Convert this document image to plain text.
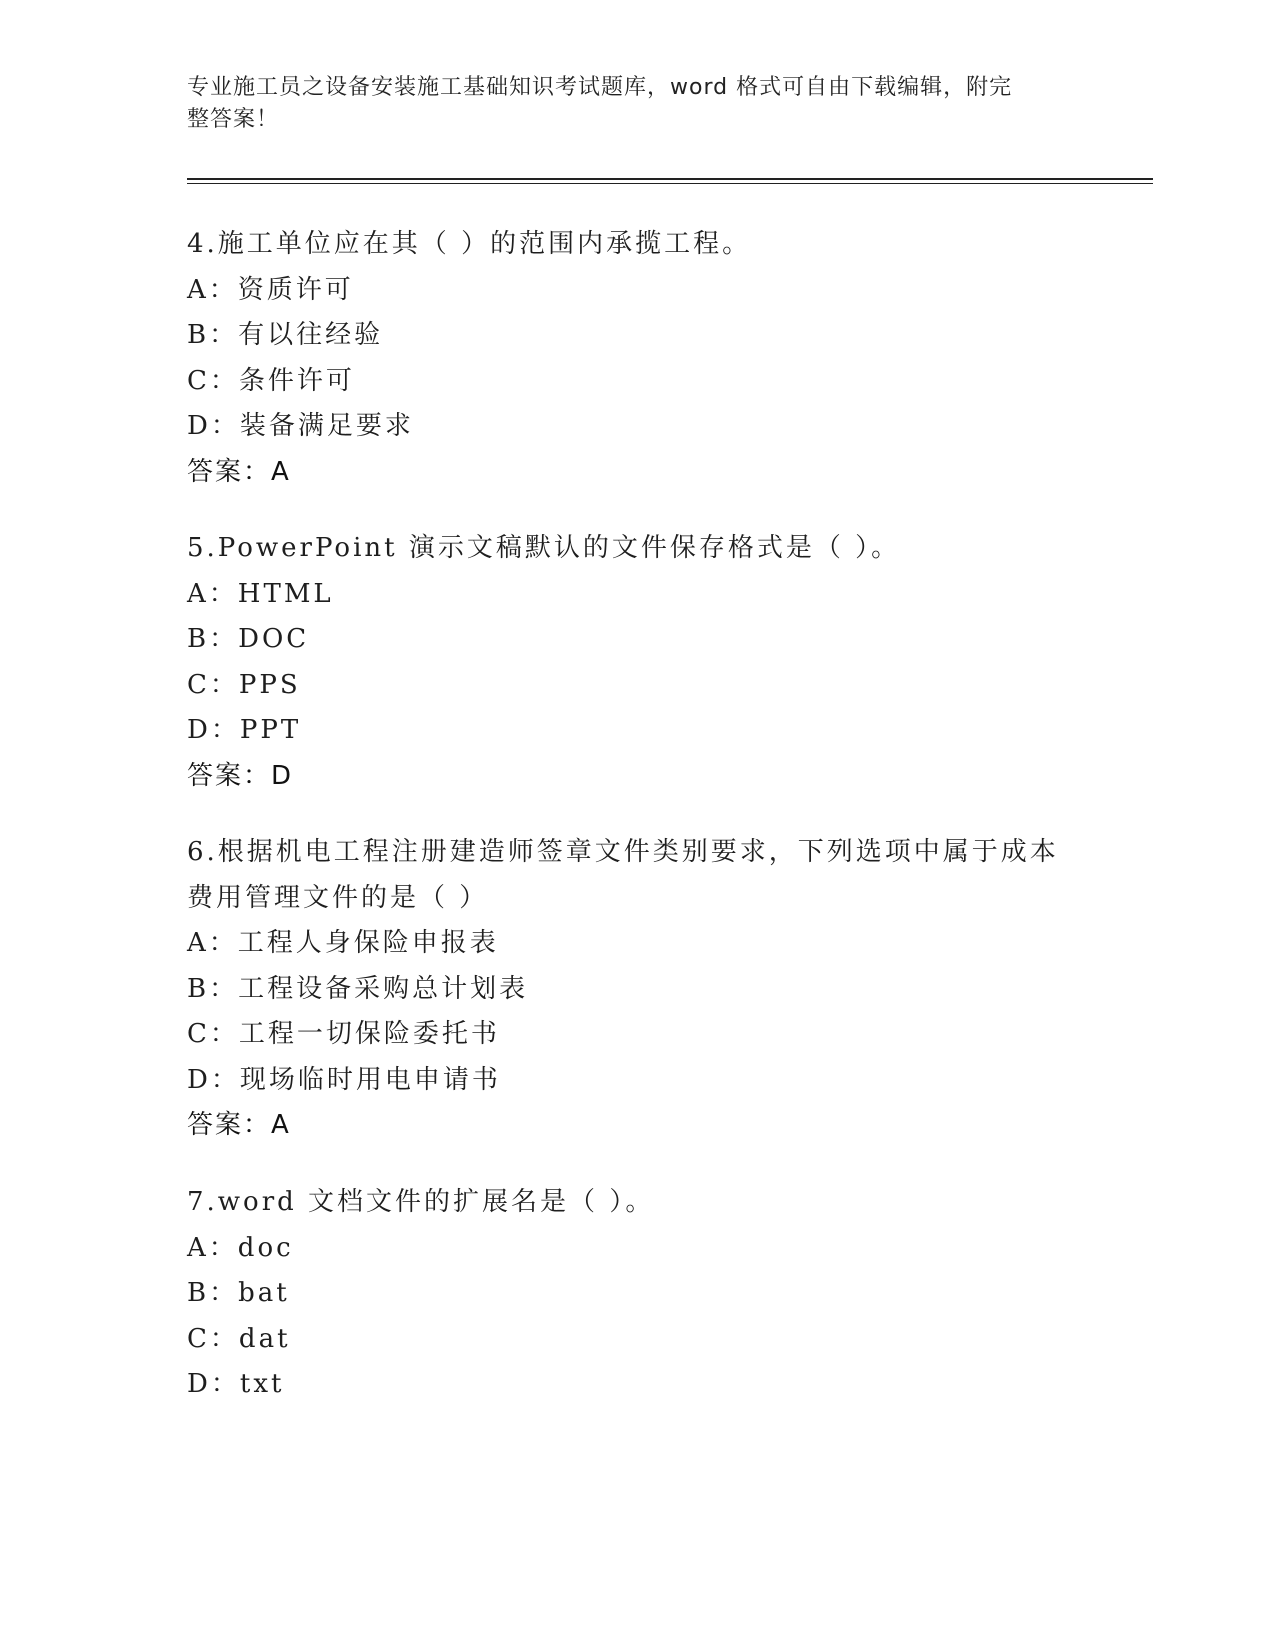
专业施工员之设备安装施工基础知识考试题库，word 格式可自由下载编辑，附完
整答案！
4.施工单位应在其（ ）的范围内承揽工程。
A：资质许可
B：有以往经验
C：条件许可
D：装备满足要求
答案：A
5.PowerPoint 演示文稿默认的文件保存格式是（ ）。
A：HTML
B：DOC
C：PPS
D：PPT
答案：D
6.根据机电工程注册建造师签章文件类别要求，下列选项中属于成本
费用管理文件的是（ ）
A：工程人身保险申报表
B：工程设备采购总计划表
C：工程一切保险委托书
D：现场临时用电申请书
答案：A
7.word 文档文件的扩展名是（ ）。
A：doc
B：bat
C：dat
D：txt
